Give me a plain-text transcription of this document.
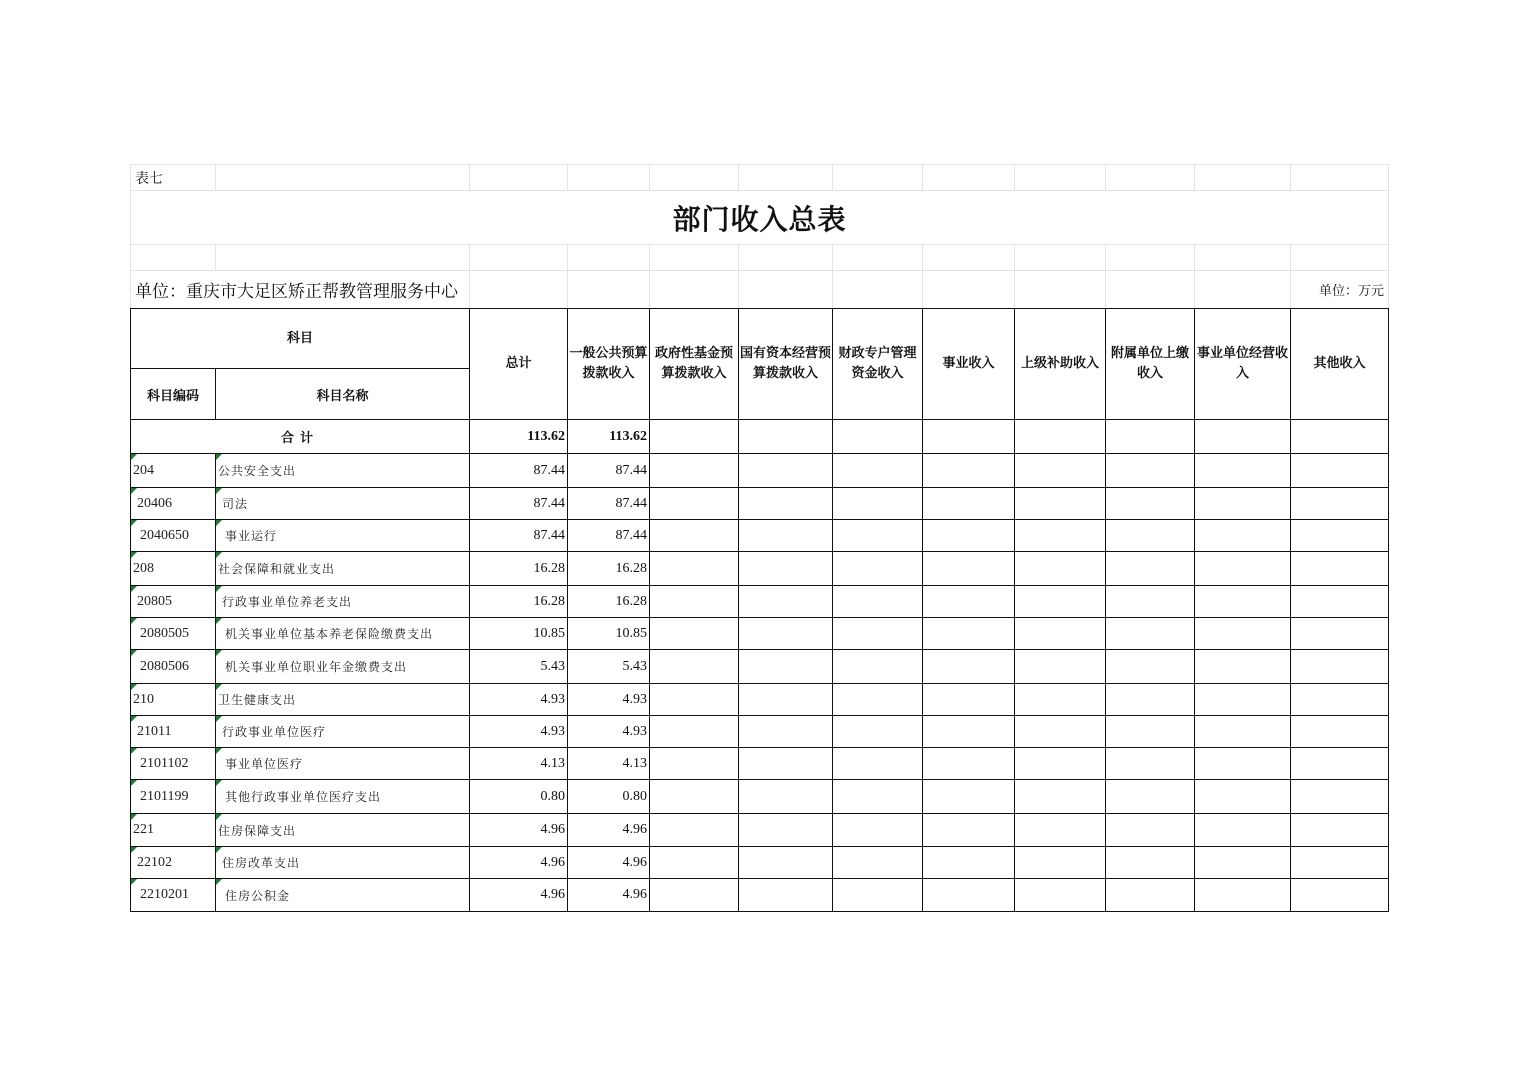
表七											
部门收入总表											

单位：重庆市大足区矫正帮教管理服务中心											单位：万元
科目		总计	一般公共预算拨款收入	政府性基金预算拨款收入	国有资本经营预算拨款收入	财政专户管理资金收入	事业收入	上级补助收入	附属单位上缴收入	事业单位经营收入	其他收入
科目编码	科目名称										
合计		113.62	113.62								
204	公共安全支出	87.44	87.44								
20406	司法	87.44	87.44								
2040650	事业运行	87.44	87.44								
208	社会保障和就业支出	16.28	16.28								
20805	行政事业单位养老支出	16.28	16.28								
2080505	机关事业单位基本养老保险缴费支出	10.85	10.85								
2080506	机关事业单位职业年金缴费支出	5.43	5.43								
210	卫生健康支出	4.93	4.93								
21011	行政事业单位医疗	4.93	4.93								
2101102	事业单位医疗	4.13	4.13								
2101199	其他行政事业单位医疗支出	0.80	0.80								
221	住房保障支出	4.96	4.96								
22102	住房改革支出	4.96	4.96								
2210201	住房公积金	4.96	4.96								
